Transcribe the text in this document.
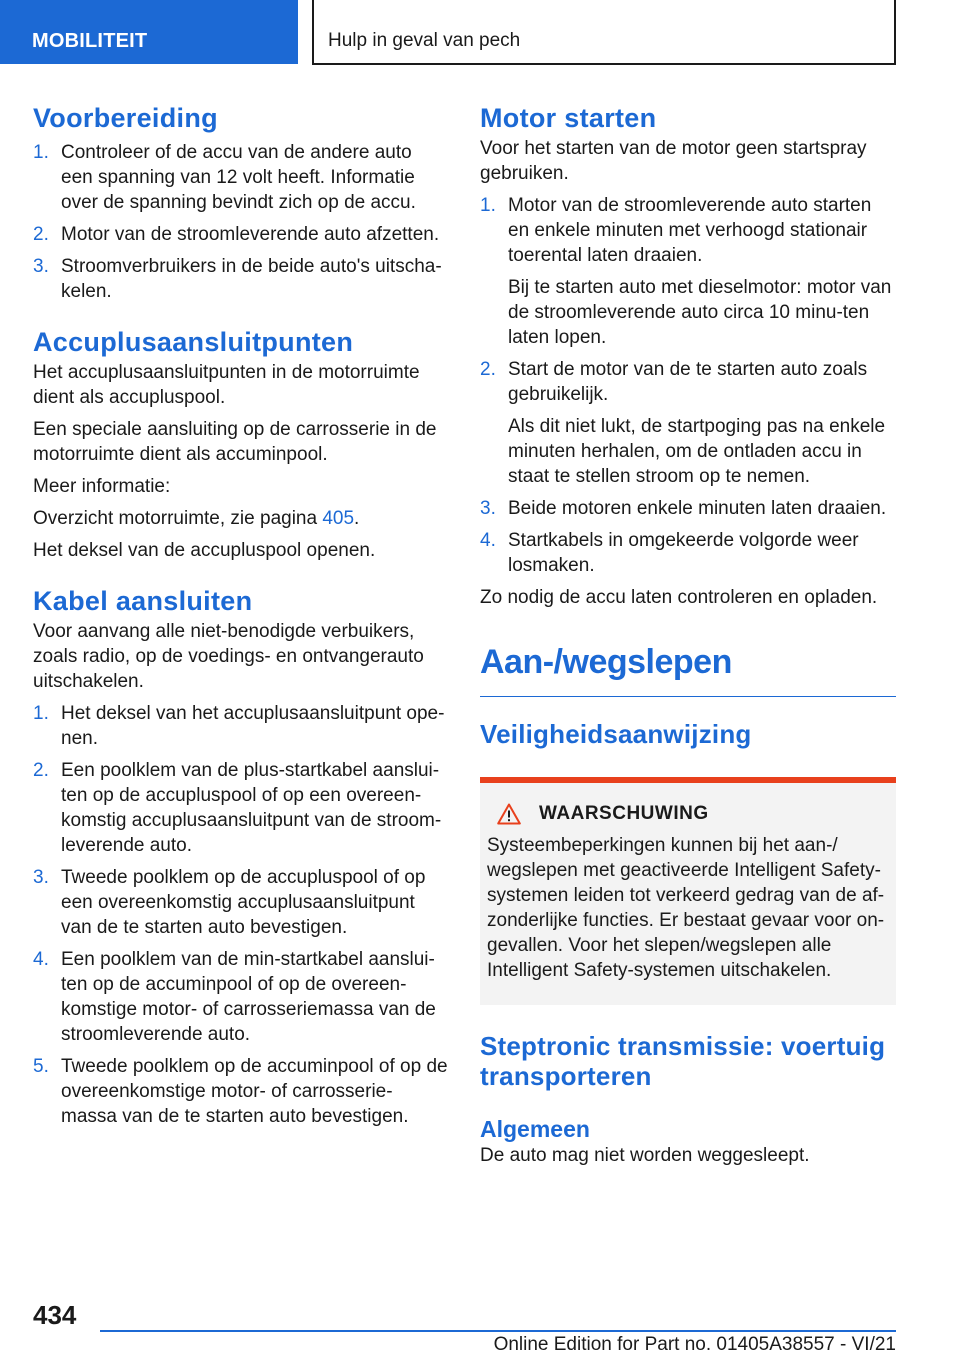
MOBILITEIT	Hulp in geval van pech
Voorbereiding
1. Controleer of de accu van de andere auto een spanning van 12 volt heeft. Informatie over de spanning bevindt zich op de accu.
2. Motor van de stroomleverende auto afzetten.
3. Stroomverbruikers in de beide auto's uitscha‐kelen.
Accuplusaansluitpunten

Het accuplusaansluitpunten in de motorruimte dient als accupluspool.

Een speciale aansluiting op de carrosserie in de motorruimte dient als accuminpool.

Meer informatie:

Overzicht motorruimte, zie pagina 405.

Het deksel van de accupluspool openen.

Kabel aansluiten

Voor aanvang alle niet-benodigde verbuikers, zoals radio, op de voedings- en ontvangerauto uitschakelen.

1. Het deksel van het accuplusaansluitpunt ope‐nen.
2. Een poolklem van de plus-startkabel aanslui‐ten op de accupluspool of op een overeen‐komstig accuplusaansluitpunt van de stroom‐leverende auto.
3. Tweede poolklem op de accupluspool of op een overeenkomstig accuplusaansluitpunt van de te starten auto bevestigen.
4. Een poolklem van de min-startkabel aanslui‐ten op de accuminpool of op de overeen‐komstige motor- of carrosseriemassa van de stroomleverende auto.
5. Tweede poolklem op de accuminpool of op de overeenkomstige motor- of carrosserie‐massa van de te starten auto bevestigen.
Motor starten

Voor het starten van de motor geen startspray gebruiken.

1. Motor van de stroomleverende auto starten en enkele minuten met verhoogd stationair toerental laten draaien.
Bij te starten auto met dieselmotor: motor van de stroomleverende auto circa 10 minu‐ten laten lopen.
2. Start de motor van de te starten auto zoals gebruikelijk.
Als dit niet lukt, de startpoging pas na enkele minuten herhalen, om de ontladen accu in staat te stellen stroom op te nemen.
3. Beide motoren enkele minuten laten draaien.
4. Startkabels in omgekeerde volgorde weer losmaken.

Zo nodig de accu laten controleren en opladen.

Aan-/wegslepen
Veiligheidsaanwijzing
WAARSCHUWING

Systeembeperkingen kunnen bij het aan-/ wegslepen met geactiveerde Intelligent Safety-systemen leiden tot verkeerd gedrag van de af‐zonderlijke functies. Er bestaat gevaar voor on‐gevallen. Voor het slepen/wegslepen alle Intelligent Safety-systemen uitschakelen.

Steptronic transmissie: voertuig transporteren
Algemeen

De auto mag niet worden weggesleept.

434
Online Edition for Part no. 01405A38557 - VI/21
